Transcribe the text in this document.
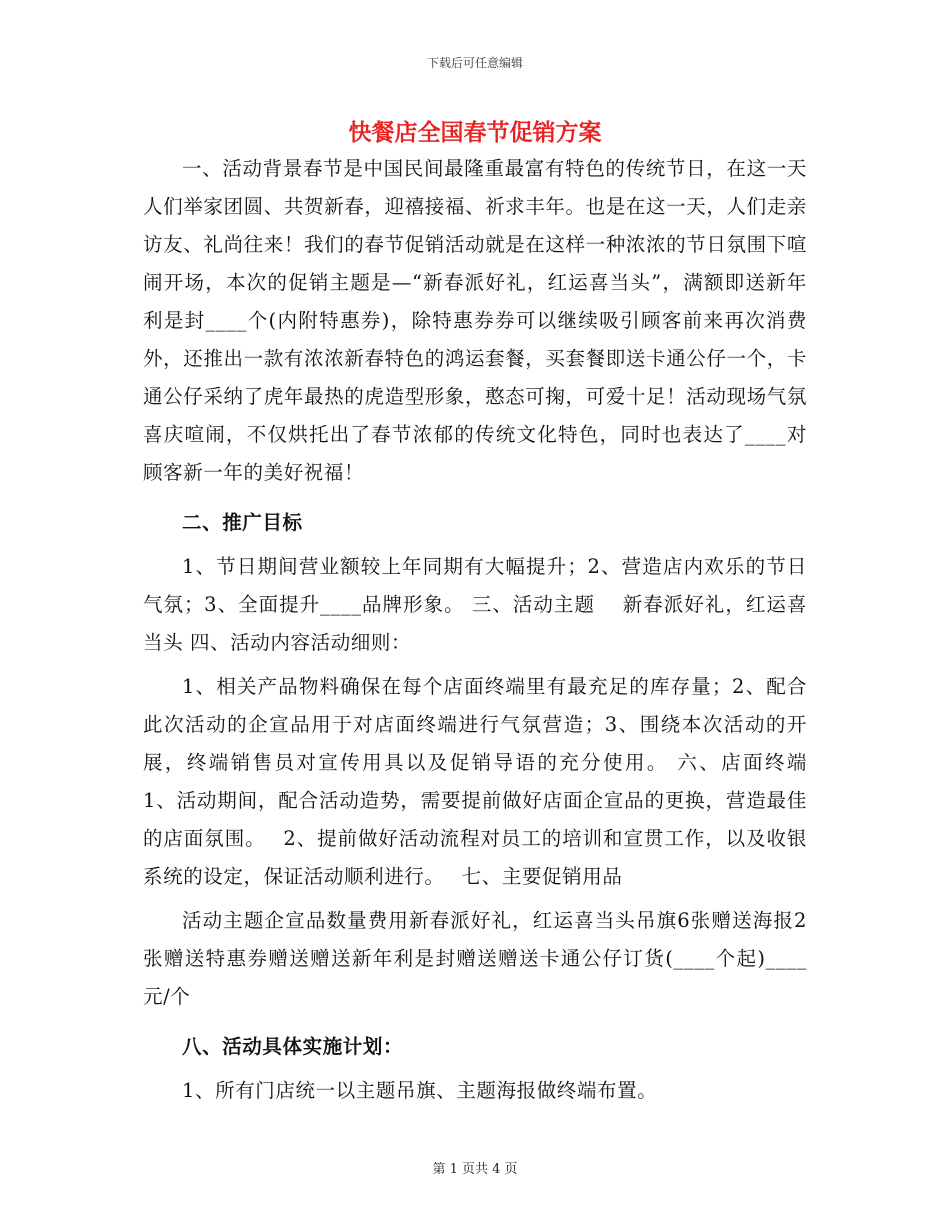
下载后可任意编辑
快餐店全国春节促销方案

一、活动背景春节是中国民间最隆重最富有特色的传统节日，在这一天人们举家团圆、共贺新春，迎禧接福、祈求丰年。也是在这一天，人们走亲访友、礼尚往来！我们的春节促销活动就是在这样一种浓浓的节日氛围下喧闹开场，本次的促销主题是—“新春派好礼，红运喜当头”，满额即送新年利是封____个(内附特惠券)，除特惠券券可以继续吸引顾客前来再次消费外，还推出一款有浓浓新春特色的鸿运套餐，买套餐即送卡通公仔一个，卡通公仔采纳了虎年最热的虎造型形象，憨态可掬，可爱十足！活动现场气氛喜庆喧闹，不仅烘托出了春节浓郁的传统文化特色，同时也表达了____对顾客新一年的美好祝福！

二、推广目标

1、节日期间营业额较上年同期有大幅提升；2、营造店内欢乐的节日气氛；3、全面提升____品牌形象。 三、活动主题　 新春派好礼，红运喜当头 四、活动内容活动细则：

1、相关产品物料确保在每个店面终端里有最充足的库存量；2、配合此次活动的企宣品用于对店面终端进行气氛营造；3、围绕本次活动的开展，终端销售员对宣传用具以及促销导语的充分使用。 六、店面终端　 1、活动期间，配合活动造势，需要提前做好店面企宣品的更换，营造最佳的店面氛围。　 2、提前做好活动流程对员工的培训和宣贯工作，以及收银系统的设定，保证活动顺利进行。　 七、主要促销用品

活动主题企宣品数量费用新春派好礼，红运喜当头吊旗6张赠送海报2张赠送特惠券赠送赠送新年利是封赠送赠送卡通公仔订货(____个起)____元/个

八、活动具体实施计划：

1、所有门店统一以主题吊旗、主题海报做终端布置。

第 1 页共 4 页
